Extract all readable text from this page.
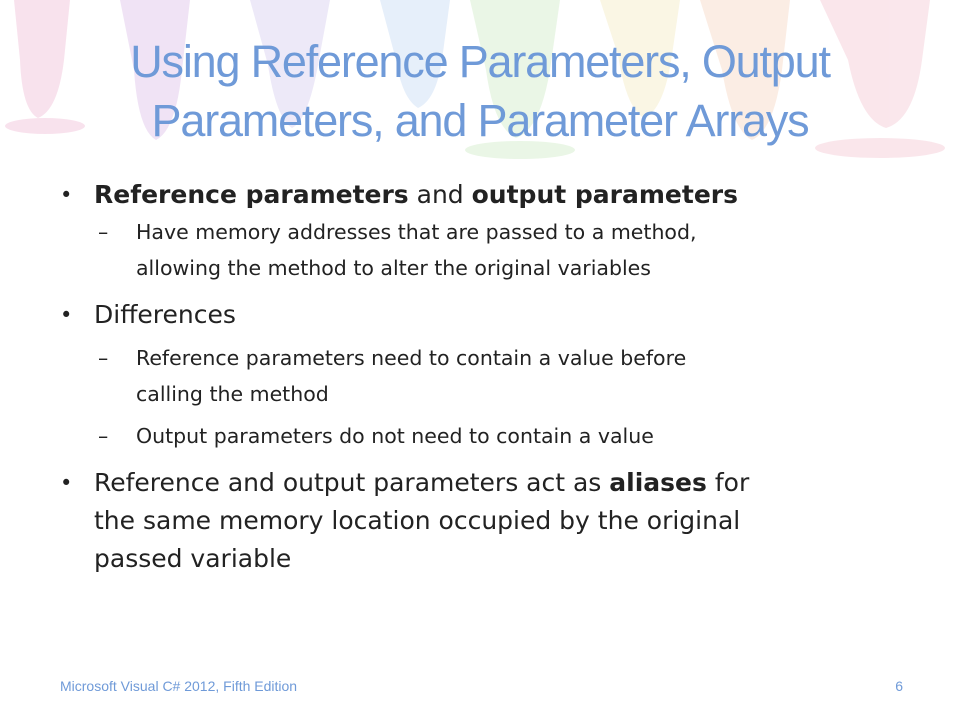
Using Reference Parameters, Output
Parameters, and Parameter Arrays
• Reference parameters and output parameters
– Have memory addresses that are passed to a method,
allowing the method to alter the original variables
• Differences
– Reference parameters need to contain a value before
calling the method
– Output parameters do not need to contain a value
• Reference and output parameters act as aliases for
the same memory location occupied by the original
passed variable
Microsoft Visual C# 2012, Fifth Edition	6
